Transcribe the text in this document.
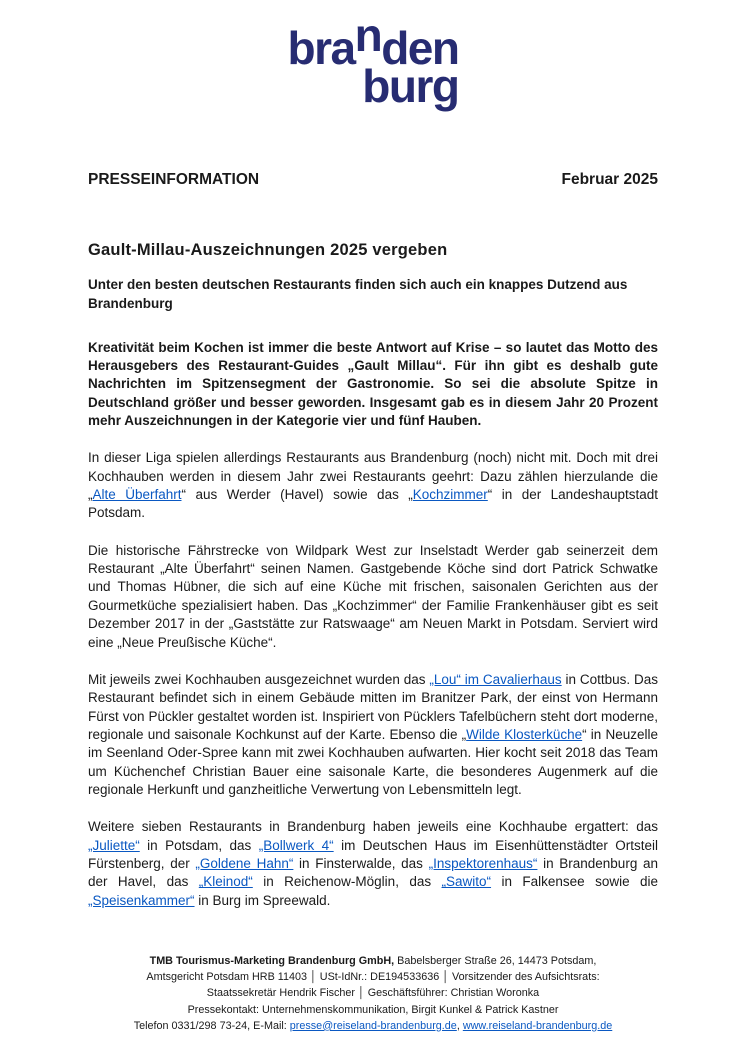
branden
burg
PRESSEINFORMATION	Februar 2025
Gault-Millau-Auszeichnungen 2025 vergeben
Unter den besten deutschen Restaurants finden sich auch ein knappes Dutzend aus Brandenburg

Kreativität beim Kochen ist immer die beste Antwort auf Krise – so lautet das Motto des Herausgebers des Restaurant-Guides „Gault Millau“. Für ihn gibt es deshalb gute Nachrichten im Spitzensegment der Gastronomie. So sei die absolute Spitze in Deutschland größer und besser geworden. Insgesamt gab es in diesem Jahr 20 Prozent mehr Auszeichnungen in der Kategorie vier und fünf Hauben.

In dieser Liga spielen allerdings Restaurants aus Brandenburg (noch) nicht mit. Doch mit drei Kochhauben werden in diesem Jahr zwei Restaurants geehrt: Dazu zählen hierzulande die „Alte Überfahrt“ aus Werder (Havel) sowie das „Kochzimmer“ in der Landeshauptstadt Potsdam.

Die historische Fährstrecke von Wildpark West zur Inselstadt Werder gab seinerzeit dem Restaurant „Alte Überfahrt“ seinen Namen. Gastgebende Köche sind dort Patrick Schwatke und Thomas Hübner, die sich auf eine Küche mit frischen, saisonalen Gerichten aus der Gourmetküche spezialisiert haben. Das „Kochzimmer“ der Familie Frankenhäuser gibt es seit Dezember 2017 in der „Gaststätte zur Ratswaage“ am Neuen Markt in Potsdam. Serviert wird eine „Neue Preußische Küche“.

Mit jeweils zwei Kochhauben ausgezeichnet wurden das „Lou“ im Cavalierhaus in Cottbus. Das Restaurant befindet sich in einem Gebäude mitten im Branitzer Park, der einst von Hermann Fürst von Pückler gestaltet worden ist. Inspiriert von Pücklers Tafelbüchern steht dort moderne, regionale und saisonale Kochkunst auf der Karte. Ebenso die „Wilde Klosterküche“ in Neuzelle im Seenland Oder-Spree kann mit zwei Kochhauben aufwarten. Hier kocht seit 2018 das Team um Küchenchef Christian Bauer eine saisonale Karte, die besonderes Augenmerk auf die regionale Herkunft und ganzheitliche Verwertung von Lebensmitteln legt.

Weitere sieben Restaurants in Brandenburg haben jeweils eine Kochhaube ergattert: das „Juliette“ in Potsdam, das „Bollwerk 4“ im Deutschen Haus im Eisenhüttenstädter Ortsteil Fürstenberg, der „Goldene Hahn“ in Finsterwalde, das „Inspektorenhaus“ in Brandenburg an der Havel, das „Kleinod“ in Reichenow-Möglin, das „Sawito“ in Falkensee sowie die „Speisenkammer“ in Burg im Spreewald.

TMB Tourismus-Marketing Brandenburg GmbH, Babelsberger Straße 26, 14473 Potsdam,
Amtsgericht Potsdam HRB 11403 │ USt-IdNr.: DE194533636 │ Vorsitzender des Aufsichtsrats:
Staatssekretär Hendrik Fischer │ Geschäftsführer: Christian Woronka
Pressekontakt: Unternehmenskommunikation, Birgit Kunkel & Patrick Kastner
Telefon 0331/298 73-24, E-Mail: presse@reiseland-brandenburg.de, www.reiseland-brandenburg.de
